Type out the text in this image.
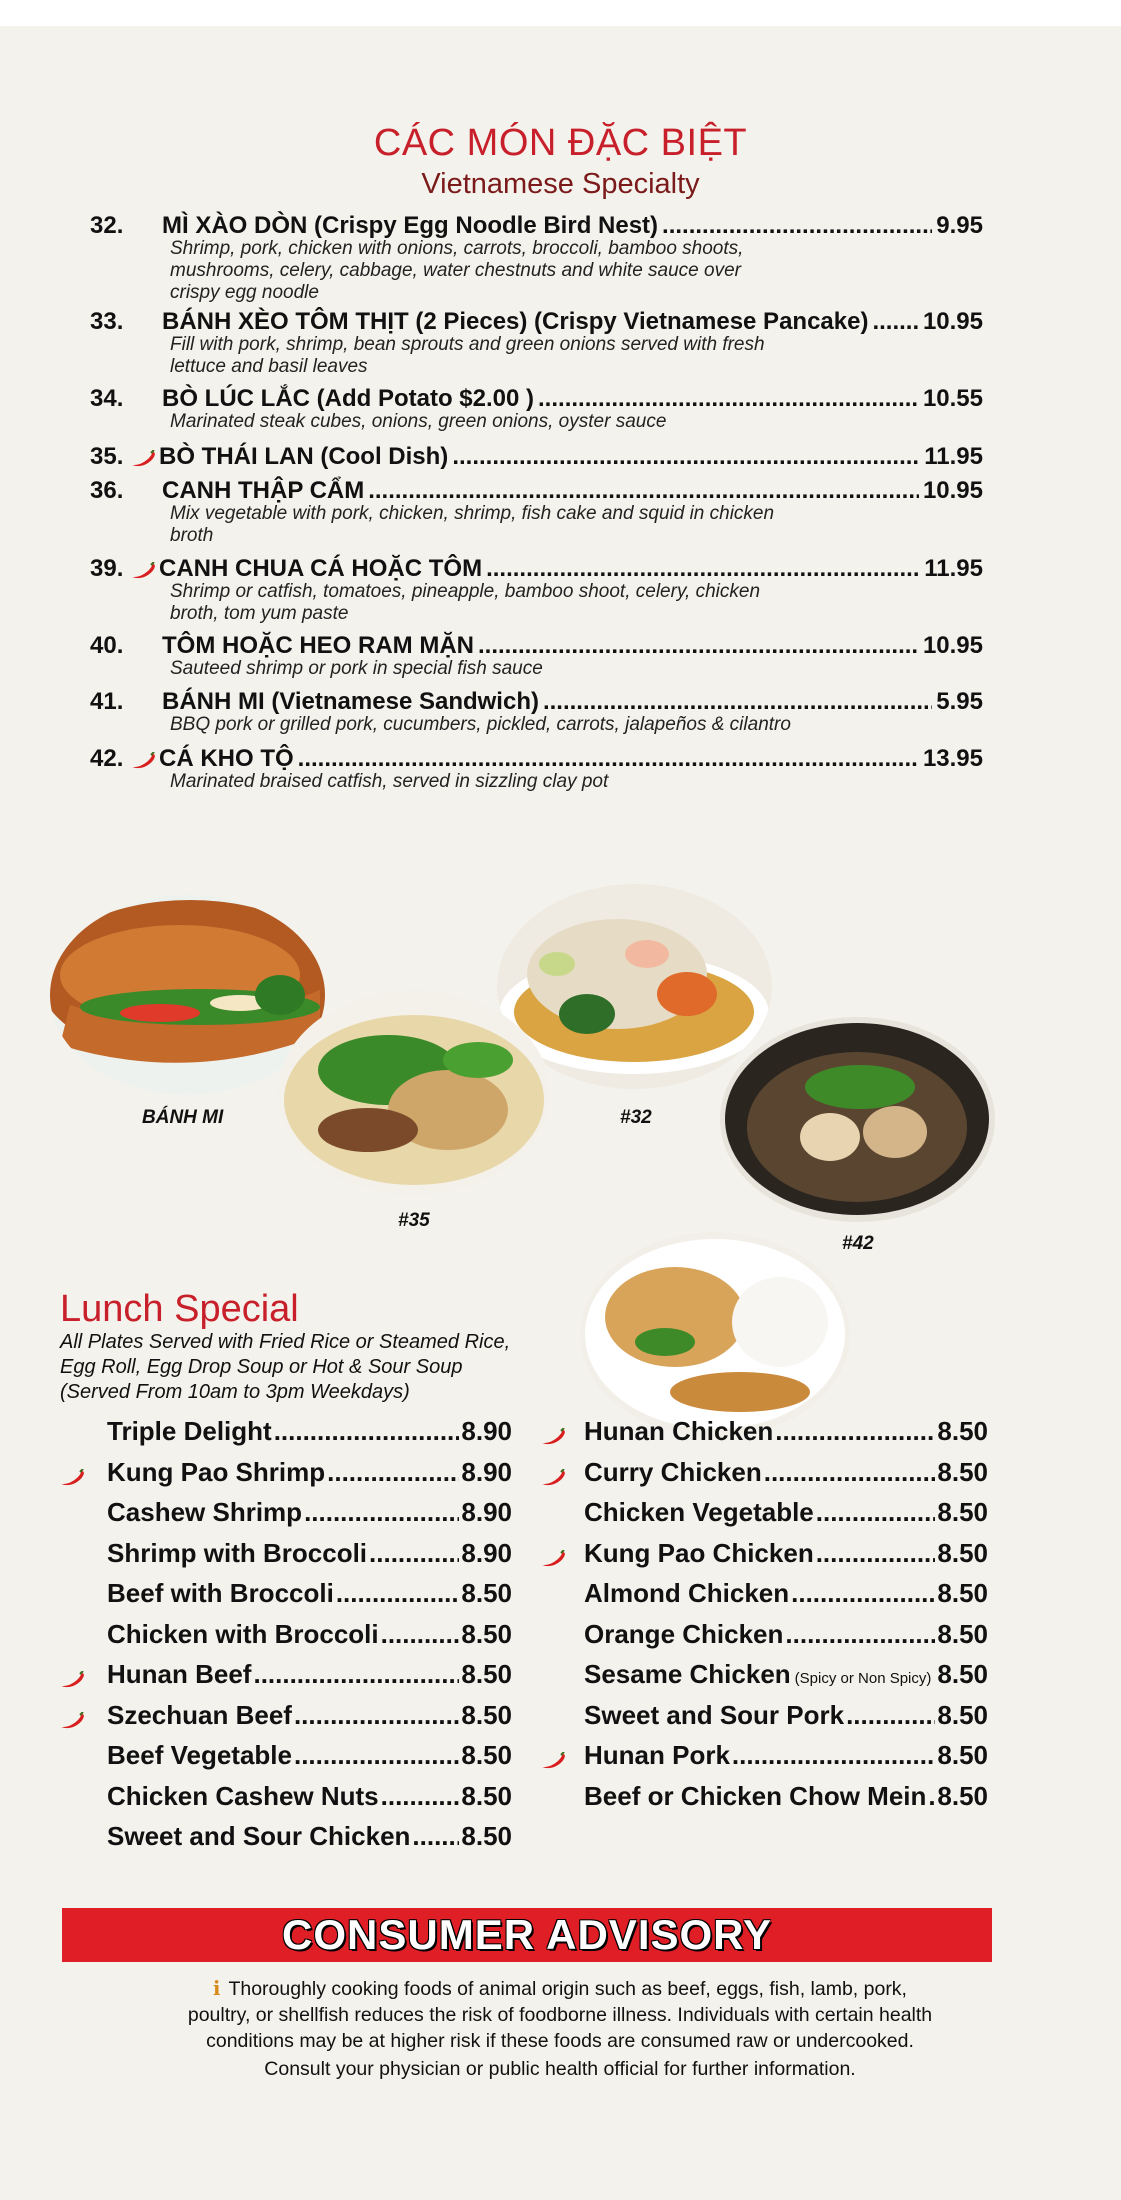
CÁC MÓN ĐẶC BIỆT
Vietnamese Specialty
32. MÌ XÀO DÒN (Crispy Egg Noodle Bird Nest) .....	9.95
Shrimp, pork, chicken with onions, carrots, broccoli, bamboo shoots,
mushrooms, celery, cabbage, water chestnuts and white sauce over
crispy egg noodle
33. BÁNH XÈO TÔM THỊT (2 Pieces) (Crispy Vietnamese Pancake) ..... 10.95
Fill with pork, shrimp, bean sprouts and green onions served with fresh
lettuce and basil leaves
34. BÒ LÚC LẮC (Add Potato $2.00 ) .....	10.55
Marinated steak cubes, onions, green onions, oyster sauce
35. BÒ THÁI LAN (Cool Dish) .....	11.95
36. CANH THẬP CẨM .....	10.95
Mix vegetable with pork, chicken, shrimp, fish cake and squid in chicken
broth
39. CANH CHUA CÁ HOẶC TÔM .....	11.95
Shrimp or catfish, tomatoes, pineapple, bamboo shoot, celery, chicken
broth, tom yum paste
40. TÔM HOẶC HEO RAM MẶN .....	10.95
Sauteed shrimp or pork in special fish sauce
41. BÁNH MI (Vietnamese Sandwich) .....	5.95
BBQ pork or grilled pork, cucumbers, pickled, carrots, jalapeños & cilantro
42. CÁ KHO TỘ .....	13.95
Marinated braised catfish, served in sizzling clay pot
BÁNH MI	#32
#35
#42
Lunch Special
All Plates Served with Fried Rice or Steamed Rice,
Egg Roll, Egg Drop Soup or Hot & Sour Soup
(Served From 10am to 3pm Weekdays)
Triple Delight .....	8.90
Kung Pao Shrimp .....	8.90
Cashew Shrimp .....	8.90
Shrimp with Broccoli .....	8.90
Beef with Broccoli .....	8.50
Chicken with Broccoli .....	8.50
Hunan Beef .....	8.50
Szechuan Beef .....	8.50
Beef Vegetable .....	8.50
Chicken Cashew Nuts .....	8.50
Sweet and Sour Chicken ..... 8.50
Hunan Chicken .....	8.50
Curry Chicken .....	8.50
Chicken Vegetable .....	8.50
Kung Pao Chicken .....	8.50
Almond Chicken .....	8.50
Orange Chicken .....	8.50
Sesame Chicken (Spicy or Non Spicy) ..... 8.50
Sweet and Sour Pork .....	8.50
Hunan Pork .....	8.50
Beef or Chicken Chow Mein ..... 8.50
CONSUMER ADVISORY
i Thoroughly cooking foods of animal origin such as beef, eggs, fish, lamb, pork,
poultry, or shellfish reduces the risk of foodborne illness. Individuals with certain health
conditions may be at higher risk if these foods are consumed raw or undercooked.
Consult your physician or public health official for further information.
